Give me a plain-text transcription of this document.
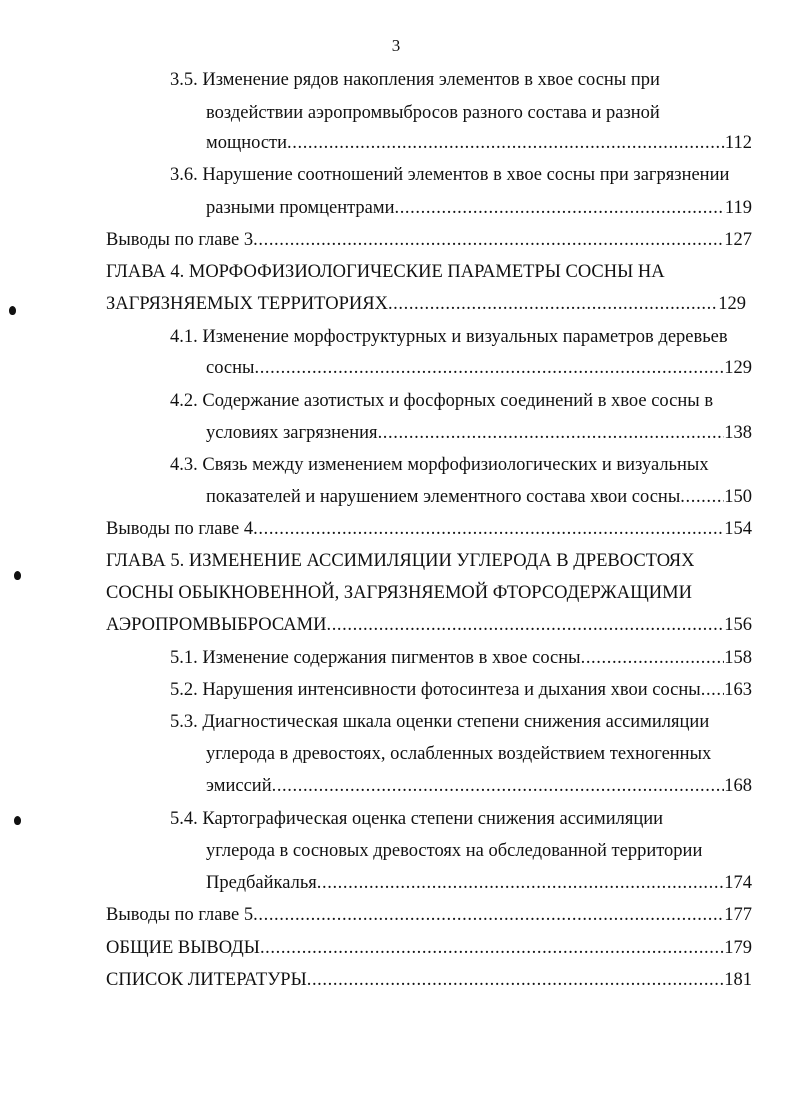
3
3.5. Изменение рядов накопления элементов в хвое сосны при
воздействии аэропромвыбросов разного состава и разной
мощности .....	112
3.6. Нарушение соотношений элементов в хвое сосны при загрязнении
разными промцентрами .....	119
Выводы по главе 3 .....	127
ГЛАВА 4. МОРФОФИЗИОЛОГИЧЕСКИЕ ПАРАМЕТРЫ СОСНЫ НА
ЗАГРЯЗНЯЕМЫХ ТЕРРИТОРИЯХ .....	129
4.1. Изменение морфоструктурных и визуальных параметров деревьев
сосны .....	129
4.2. Содержание азотистых и фосфорных соединений в хвое сосны в
условиях загрязнения .....	138
4.3. Связь между изменением морфофизиологических и визуальных
показателей и нарушением элементного состава хвои сосны ..... 150
Выводы по главе 4 .....	154
ГЛАВА 5. ИЗМЕНЕНИЕ АССИМИЛЯЦИИ УГЛЕРОДА В ДРЕВОСТОЯХ
СОСНЫ ОБЫКНОВЕННОЙ, ЗАГРЯЗНЯЕМОЙ ФТОРСОДЕРЖАЩИМИ
АЭРОПРОМВЫБРОСАМИ .....	156
5.1. Изменение содержания пигментов в хвое сосны .....	158
5.2. Нарушения интенсивности фотосинтеза и дыхания хвои сосны ..... 163
5.3. Диагностическая шкала оценки степени снижения ассимиляции
углерода в древостоях, ослабленных воздействием техногенных
эмиссий .....	168
5.4. Картографическая оценка степени снижения ассимиляции
углерода в сосновых древостоях на обследованной территории
Предбайкалья .....	174
Выводы по главе 5 .....	177
ОБЩИЕ ВЫВОДЫ .....	179
СПИСОК ЛИТЕРАТУРЫ .....	181
